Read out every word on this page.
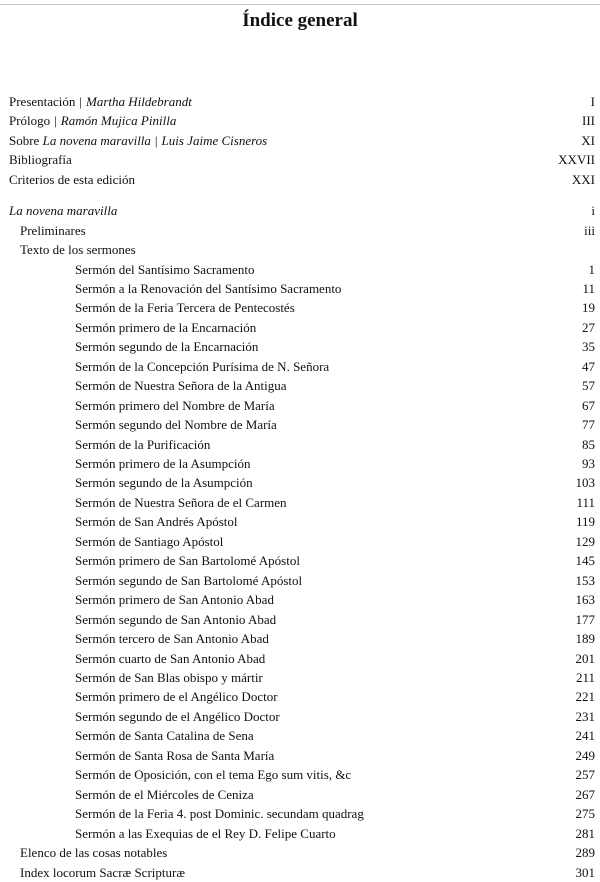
Índice general
Presentación | Martha Hildebrandt	I
Prólogo | Ramón Mujica Pinilla	III
Sobre La novena maravilla | Luis Jaime Cisneros	XI
Bibliografía	XXVII
Criterios de esta edición	XXI
La novena maravilla	i
Preliminares	iii
Texto de los sermones
Sermón del Santísimo Sacramento	1
Sermón a la Renovación del Santísimo Sacramento	11
Sermón de la Feria Tercera de Pentecostés	19
Sermón primero de la Encarnación	27
Sermón segundo de la Encarnación	35
Sermón de la Concepción Purísima de N. Señora	47
Sermón de Nuestra Señora de la Antigua	57
Sermón primero del Nombre de María	67
Sermón segundo del Nombre de María	77
Sermón de la Purificación	85
Sermón primero de la Asumpción	93
Sermón segundo de la Asumpción	103
Sermón de Nuestra Señora de el Carmen	111
Sermón de San Andrés Apóstol	119
Sermón de Santiago Apóstol	129
Sermón primero de San Bartolomé Apóstol	145
Sermón segundo de San Bartolomé Apóstol	153
Sermón primero de San Antonio Abad	163
Sermón segundo de San Antonio Abad	177
Sermón tercero de San Antonio Abad	189
Sermón cuarto de San Antonio Abad	201
Sermón de San Blas obispo y mártir	211
Sermón primero de el Angélico Doctor	221
Sermón segundo de el Angélico Doctor	231
Sermón de Santa Catalina de Sena	241
Sermón de Santa Rosa de Santa María	249
Sermón de Oposición, con el tema Ego sum vitis, &c	257
Sermón de el Miércoles de Ceniza	267
Sermón de la Feria 4. post Dominic. secundam quadrag	275
Sermón a las Exequias de el Rey D. Felipe Cuarto	281
Elenco de las cosas notables	289
Index locorum Sacræ Scripturæ	301
